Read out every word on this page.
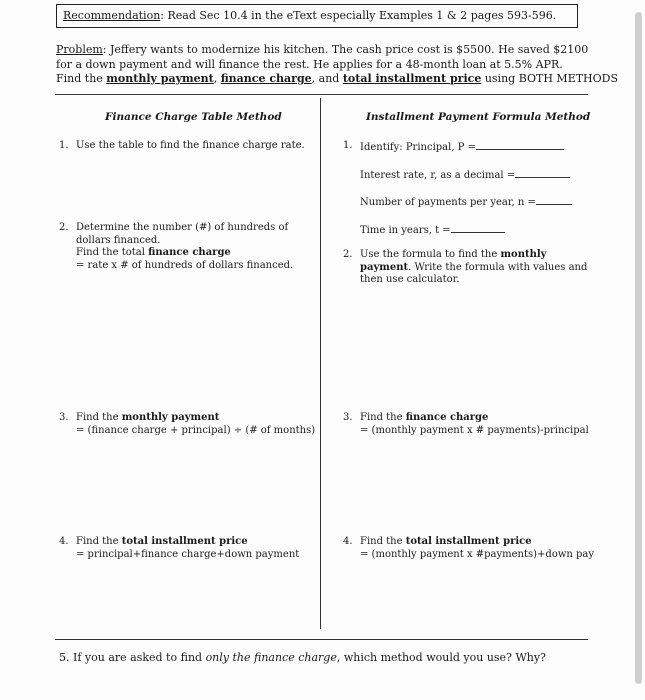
Recommendation: Read Sec 10.4 in the eText especially Examples 1 & 2 pages 593-596.
Problem: Jeffery wants to modernize his kitchen. The cash price cost is $5500. He saved $2100
for a down payment and will finance the rest. He applies for a 48-month loan at 5.5% APR.
Find the monthly payment, finance charge, and total installment price using BOTH METHODS
Finance Charge Table Method
1. Use the table to find the finance charge rate.
2. Determine the number (#) of hundreds of
dollars financed.
Find the total finance charge
= rate x # of hundreds of dollars financed.
3. Find the monthly payment
= (finance charge + principal) ÷ (# of months)
4. Find the total installment price
= principal+finance charge+down payment
Installment Payment Formula Method
1. Identify: Principal, P =
Interest rate, r, as a decimal =
Number of payments per year, n =
Time in years, t =
2. Use the formula to find the monthly
payment. Write the formula with values and
then use calculator.
3. Find the finance charge
= (monthly payment x # payments)-principal
4. Find the total installment price
= (monthly payment x #payments)+down pay
5. If you are asked to find only the finance charge, which method would you use? Why?
